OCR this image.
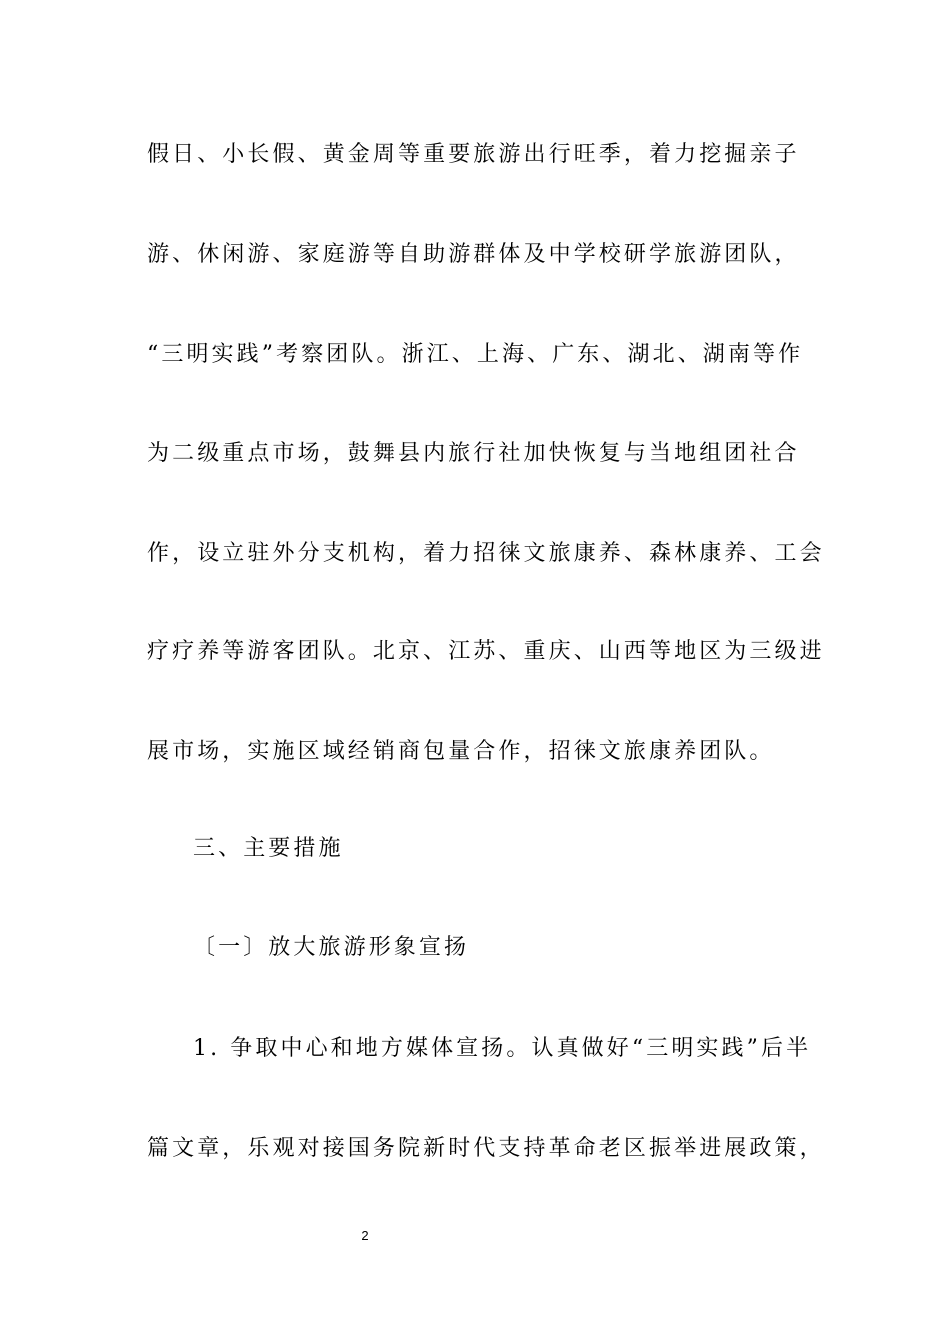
假日、小长假、黄金周等重要旅游出行旺季，着力挖掘亲子
游、休闲游、家庭游等自助游群体及中学校研学旅游团队，
“三明实践”考察团队。浙江、上海、广东、湖北、湖南等作
为二级重点市场，鼓舞县内旅行社加快恢复与当地组团社合
作，设立驻外分支机构，着力招徕文旅康养、森林康养、工会
疗疗养等游客团队。北京、江苏、重庆、山西等地区为三级进
展市场，实施区域经销商包量合作，招徕文旅康养团队。
三、主要措施
〔一〕放大旅游形象宣扬
1. 争取中心和地方媒体宣扬。认真做好“三明实践”后半
篇文章，乐观对接国务院新时代支持革命老区振举进展政策，
2
